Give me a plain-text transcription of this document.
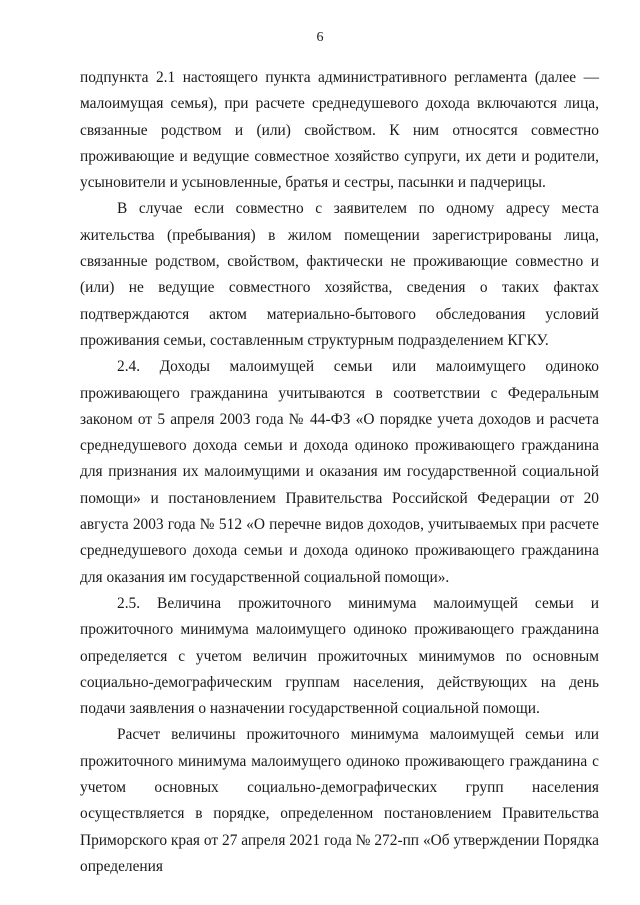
6

подпункта 2.1 настоящего пункта административного регламента (далее — малоимущая семья), при расчете среднедушевого дохода включаются лица, связанные родством и (или) свойством. К ним относятся совместно проживающие и ведущие совместное хозяйство супруги, их дети и родители, усыновители и усыновленные, братья и сестры, пасынки и падчерицы.

В случае если совместно с заявителем по одному адресу места жительства (пребывания) в жилом помещении зарегистрированы лица, связанные родством, свойством, фактически не проживающие совместно и (или) не ведущие совместного хозяйства, сведения о таких фактах подтверждаются актом материально-бытового обследования условий проживания семьи, составленным структурным подразделением КГКУ.

2.4. Доходы малоимущей семьи или малоимущего одиноко проживающего гражданина учитываются в соответствии с Федеральным законом от 5 апреля 2003 года № 44-ФЗ «О порядке учета доходов и расчета среднедушевого дохода семьи и дохода одиноко проживающего гражданина для признания их малоимущими и оказания им государственной социальной помощи» и постановлением Правительства Российской Федерации от 20 августа 2003 года № 512 «О перечне видов доходов, учитываемых при расчете среднедушевого дохода семьи и дохода одиноко проживающего гражданина для оказания им государственной социальной помощи».

2.5. Величина прожиточного минимума малоимущей семьи и прожиточного минимума малоимущего одиноко проживающего гражданина определяется с учетом величин прожиточных минимумов по основным социально-демографическим группам населения, действующих на день подачи заявления о назначении государственной социальной помощи.

Расчет величины прожиточного минимума малоимущей семьи или прожиточного минимума малоимущего одиноко проживающего гражданина с учетом основных социально-демографических групп населения осуществляется в порядке, определенном постановлением Правительства Приморского края от 27 апреля 2021 года № 272-пп «Об утверждении Порядка определения
